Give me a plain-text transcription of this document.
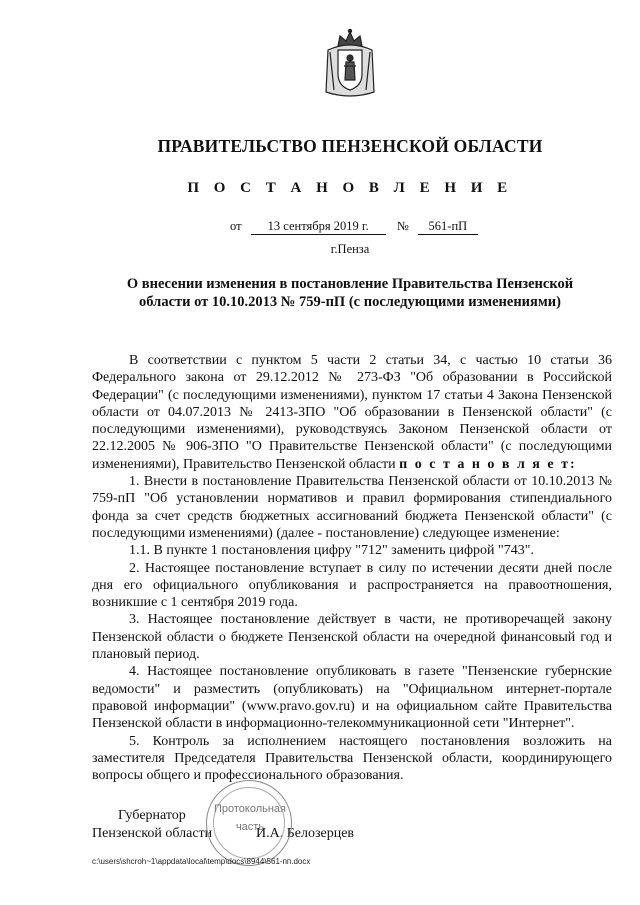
ПРАВИТЕЛЬСТВО ПЕНЗЕНСКОЙ ОБЛАСТИ
П О С Т А Н О В Л Е Н И Е
от 13 сентября 2019 г. № 561-пП
г.Пенза
О внесении изменения в постановление Правительства Пензенской области от 10.10.2013 № 759-пП (с последующими изменениями)

В соответствии с пунктом 5 части 2 статьи 34, с частью 10 статьи 36 Федерального закона от 29.12.2012 № 273-ФЗ "Об образовании в Российской Федерации" (с последующими изменениями), пунктом 17 статьи 4 Закона Пензенской области от 04.07.2013 № 2413-ЗПО "Об образовании в Пензенской области" (с последующими изменениями), руководствуясь Законом Пензенской области от 22.12.2005 № 906-ЗПО "О Правительстве Пензенской области" (с последующими изменениями), Правительство Пензенской области п о с т а н о в л я е т:

1. Внести в постановление Правительства Пензенской области от 10.10.2013 № 759-пП "Об установлении нормативов и правил формирования стипендиального фонда за счет средств бюджетных ассигнований бюджета Пензенской области" (с последующими изменениями) (далее - постановление) следующее изменение:

1.1. В пункте 1 постановления цифру "712" заменить цифрой "743".

2. Настоящее постановление вступает в силу по истечении десяти дней после дня его официального опубликования и распространяется на правоотношения, возникшие с 1 сентября 2019 года.

3. Настоящее постановление действует в части, не противоречащей закону Пензенской области о бюджете Пензенской области на очередной финансовый год и плановый период.

4. Настоящее постановление опубликовать в газете "Пензенские губернские ведомости" и разместить (опубликовать) на "Официальном интернет-портале правовой информации" (www.pravo.gov.ru) и на официальном сайте Правительства Пензенской области в информационно-телекоммуникационной сети "Интернет".

5. Контроль за исполнением настоящего постановления возложить на заместителя Председателя Правительства Пензенской области, координирующего вопросы общего и профессионального образования.

Губернатор
Пензенской области	И.А. Белозерцев
Протокольная
часть
c:\users\shcroh~1\appdata\local\temp\docs\8944\561-пп.docx
